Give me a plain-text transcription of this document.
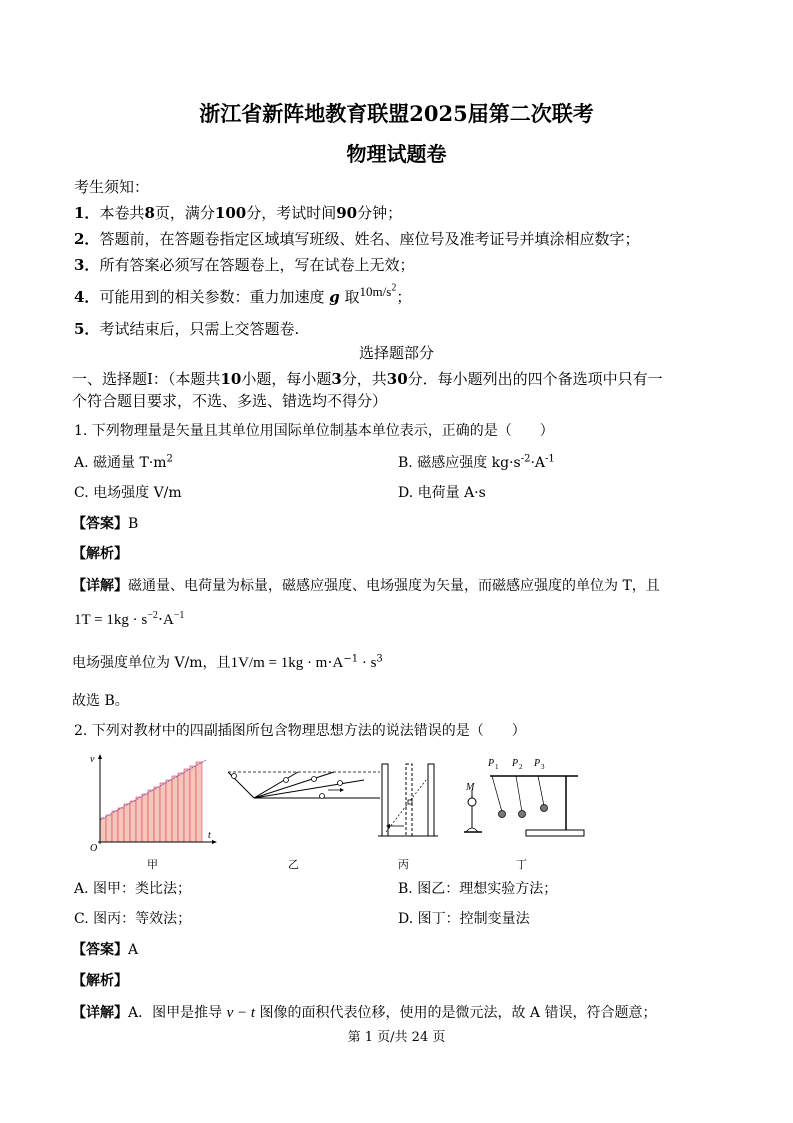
浙江省新阵地教育联盟2025届第二次联考
物理试题卷
考生须知：
1．本卷共8页，满分100分，考试时间90分钟；
2．答题前，在答题卷指定区域填写班级、姓名、座位号及准考证号并填涂相应数字；
3．所有答案必须写在答题卷上，写在试卷上无效；
4．可能用到的相关参数：重力加速度 g 取$10m/s^2$；
5．考试结束后，只需上交答题卷.
选择题部分
一、选择题Ⅰ：（本题共10小题，每小题3分，共30分．每小题列出的四个备选项中只有一
个符合题目要求，不选、多选、错选均不得分）
1. 下列物理量是矢量且其单位用国际单位制基本单位表示，正确的是（　　）
A. 磁通量 $T\cdot m^2$	B. 磁感应强度 $kg\cdot s^{-2}\cdot A^{-1}$
C. 电场强度 V/m	D. 电荷量 A·s
【答案】B
【解析】
【详解】磁通量、电荷量为标量，磁感应强度、电场强度为矢量，而磁感应强度的单位为 T，且
$1T = 1kg \cdot s^{-2}\cdot A^{-1}$
电场强度单位为 V/m，且$1V/m = 1kg \cdot m\cdot A^{-1} \cdot s^3$
故选 B。
2. 下列对教材中的四副插图所包含物理思想方法的说法错误的是（　　）
v
t
O
甲	乙	丙
P 1 P 2 P 3
M
丁
A. 图甲：类比法；	B. 图乙：理想实验方法；
C. 图丙：等效法；	D. 图丁：控制变量法
【答案】A
【解析】
【详解】A．图甲是推导 v − t 图像的面积代表位移，使用的是微元法，故 A 错误，符合题意；
第 1 页/共 24 页
